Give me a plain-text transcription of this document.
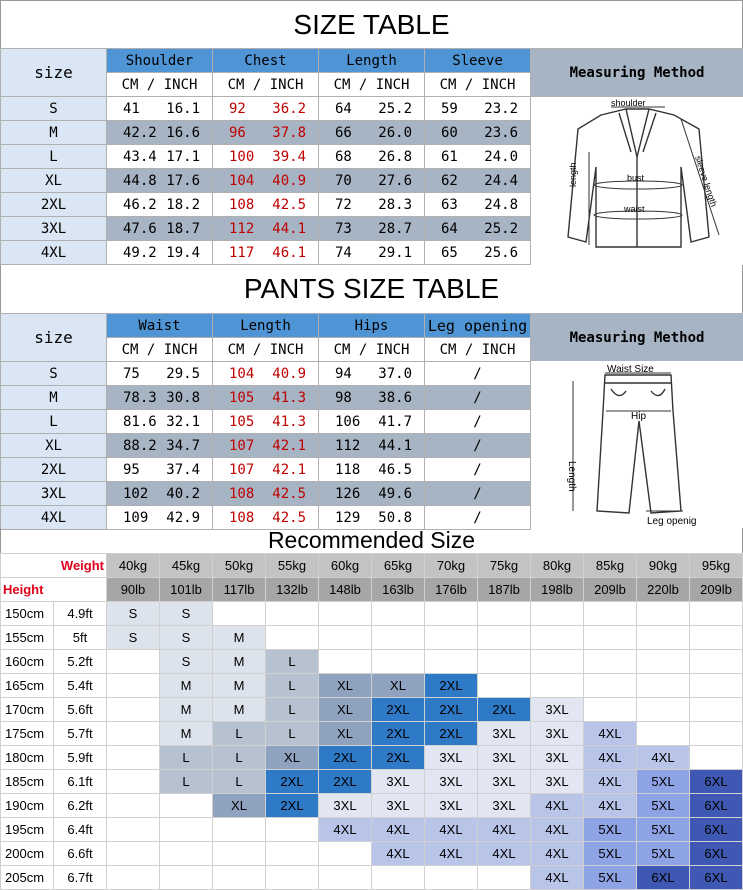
SIZE TABLE
size	Shoulder	Chest	Length	Sleeve	Measuring Method
	CM / INCH	CM / INCH	CM / INCH	CM / INCH	
S	41 16.1	92 36.2	64 25.2	59 23.2	

M	42.2 16.6	96 37.8	66 26.0	60 23.6	

L	43.4 17.1	100 39.4	68 26.8	61 24.0	

XL	44.8 17.6	104 40.9	70 27.6	62 24.4	

2XL	46.2 18.2	108 42.5	72 28.3	63 24.8	

3XL	47.6 18.7	112 44.1	73 28.7	64 25.2	

4XL	49.2 19.4	117 46.1	74 29.1	65 25.6	
PANTS SIZE TABLE
size	Waist	Length	Hips	Leg opening	Measuring Method
	CM / INCH	CM / INCH	CM / INCH	CM / INCH	
S	75 29.5	104 40.9	94 37.0	/	
M	78.3 30.8	105 41.3	98 38.6	/	
L	81.6 32.1	105 41.3	106 41.7	/	
XL	88.2 34.7	107 42.1	112 44.1	/	
2XL	95 37.4	107 42.1	118 46.5	/	
3XL	102 40.2	108 42.5	126 49.6	/	
4XL	109 42.9	108 42.5	129 50.8	/	
shoulder
length	sleeve length
bust
waist
Waist Size
Hip
Length
Leg openig
Recommended Size
Weight		40kg	45kg	50kg	55kg	60kg	65kg	70kg	75kg	80kg	85kg	90kg	95kg
Height		90lb	101lb	117lb	132lb	148lb	163lb	176lb	187lb	198lb	209lb	220lb	209lb
150cm	4.9ft	S	S										
155cm	5ft	S	S	M									
160cm	5.2ft		S	M	L								
165cm	5.4ft		M	M	L	XL	XL	2XL					
170cm	5.6ft		M	M	L	XL	2XL	2XL	2XL	3XL			
175cm	5.7ft		M	L	L	XL	2XL	2XL	3XL	3XL	4XL		
180cm	5.9ft		L	L	XL	2XL	2XL	3XL	3XL	3XL	4XL	4XL	
185cm	6.1ft		L	L	2XL	2XL	3XL	3XL	3XL	3XL	4XL	5XL	6XL
190cm	6.2ft			XL	2XL	3XL	3XL	3XL	3XL	4XL	4XL	5XL	6XL
195cm	6.4ft					4XL	4XL	4XL	4XL	4XL	5XL	5XL	6XL
200cm	6.6ft						4XL	4XL	4XL	4XL	5XL	5XL	6XL
205cm	6.7ft									4XL	5XL	6XL	6XL
